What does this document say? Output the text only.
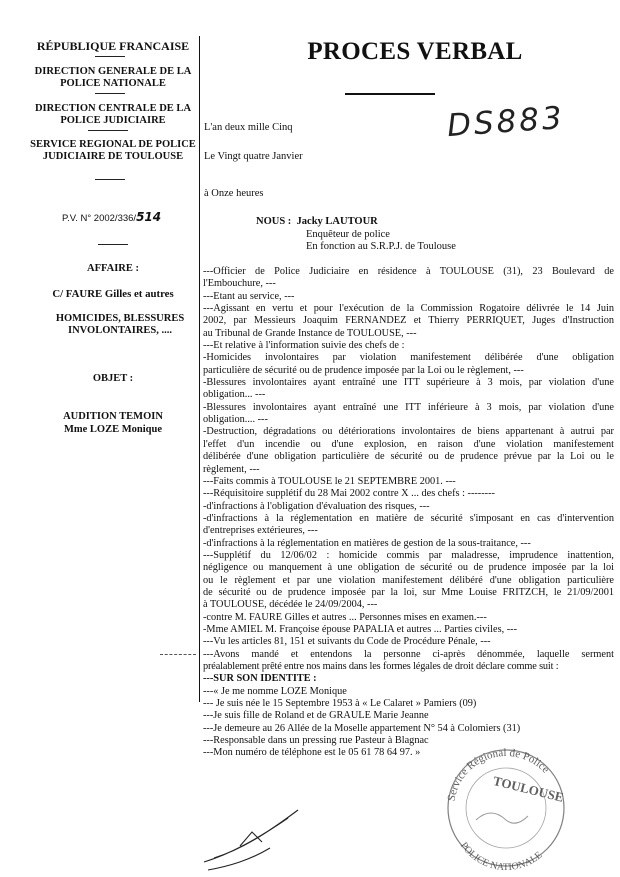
RÉPUBLIQUE FRANCAISE
DIRECTION GENERALE DE LA POLICE NATIONALE
DIRECTION CENTRALE DE LA POLICE JUDICIAIRE
SERVICE REGIONAL DE POLICE JUDICIAIRE DE TOULOUSE
P.V. N° 2002/336/514
AFFAIRE :
C/ FAURE Gilles et autres
HOMICIDES, BLESSURES INVOLONTAIRES, ....
OBJET :
AUDITION TEMOIN
Mme LOZE Monique
PROCES VERBAL
DS883
L'an deux mille Cinq
Le Vingt quatre Janvier
à Onze heures
NOUS : Jacky LAUTOUR
Enquêteur de police
En fonction au S.R.P.J. de Toulouse
---Officier de Police Judiciaire en résidence à TOULOUSE (31), 23 Boulevard de
l'Embouchure, ---
---Etant au service, ---
---Agissant en vertu et pour l'exécution de la Commission Rogatoire délivrée le 14 Juin
2002, par Messieurs Joaquim FERNANDEZ et Thierry PERRIQUET, Juges d'Instruction
au Tribunal de Grande Instance de TOULOUSE, ---
---Et relative à l'information suivie des chefs de :
-Homicides involontaires par violation manifestement délibérée d'une obligation
particulière de sécurité ou de prudence imposée par la Loi ou le règlement, ---
-Blessures involontaires ayant entraîné une ITT supérieure à 3 mois, par violation d'une
obligation... ---
-Blessures involontaires ayant entraîné une ITT inférieure à 3 mois, par violation d'une
obligation.... ---
-Destruction, dégradations ou détériorations involontaires de biens appartenant à autrui par
l'effet d'un incendie ou d'une explosion, en raison d'une violation manifestement
délibérée d'une obligation particulière de sécurité ou de prudence prévue par la Loi ou le
règlement, ---
---Faits commis à TOULOUSE le 21 SEPTEMBRE 2001. ---
---Réquisitoire supplétif du 28 Mai 2002 contre X ... des chefs : --------
-d'infractions à l'obligation d'évaluation des risques, ---
-d'infractions à la réglementation en matière de sécurité s'imposant en cas d'intervention
d'entreprises extérieures, ---
-d'infractions à la réglementation en matières de gestion de la sous-traitance, ---
---Supplétif du 12/06/02 : homicide commis par maladresse, imprudence inattention,
négligence ou manquement à une obligation de sécurité ou de prudence imposée par la loi
ou le règlement et par une violation manifestement délibéré d'une obligation particulière
de sécurité ou de prudence imposée par la loi, sur Mme Louise FRITZCH, le 21/09/2001
à TOULOUSE, décédée le 24/09/2004, ---
-contre M. FAURE Gilles et autres ... Personnes mises en examen.---
-Mme AMIEL M. Françoise épouse PAPALIA et autres ... Parties civiles, ---
---Vu les articles 81, 151 et suivants du Code de Procédure Pénale, ---
---Avons mandé et entendons la personne ci-après dénommée, laquelle serment
préalablement prêté entre nos mains dans les formes légales de droit déclare comme suit :
---SUR SON IDENTITE :
---« Je me nomme LOZE Monique
--- Je suis née le 15 Septembre 1953 à « Le Calaret » Pamiers (09)
---Je suis fille de Roland et de GRAULE Marie Jeanne
---Je demeure au 26 Allée de la Moselle appartement N° 54 à Colomiers (31)
---Responsable dans un pressing rue Pasteur à Blagnac
---Mon numéro de téléphone est le 05 61 78 64 97. »
Service Régional de Police
TOULOUSE
POLICE NATIONALE
